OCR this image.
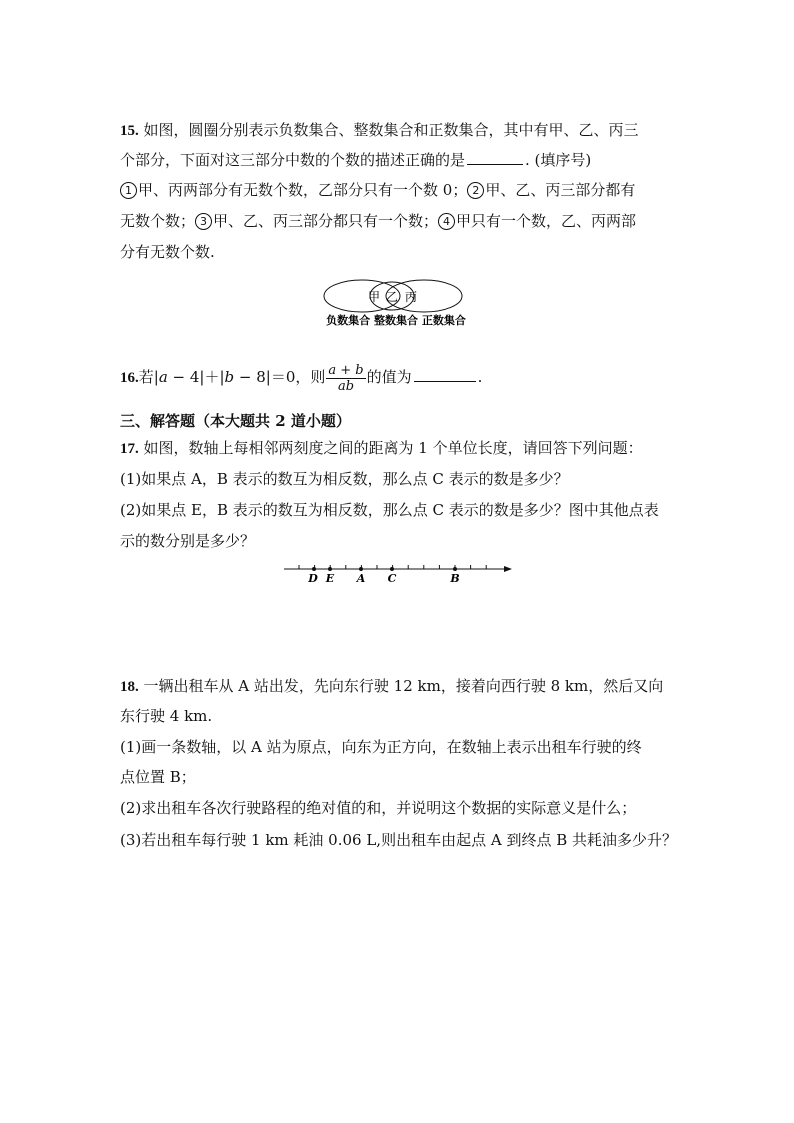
15. 如图，圆圈分别表示负数集合、整数集合和正数集合，其中有甲、乙、丙三
个部分，下面对这三部分中数的个数的描述正确的是	. (填序号)
1 甲、丙两部分有无数个数，乙部分只有一个数 0； 2 甲、乙、丙三部分都有
无数个数； 3 甲、乙、丙三部分都只有一个数； 4 甲只有一个数，乙、丙两部
分有无数个数.
甲 乙 丙
负数集合 整数集合 正数集合
16.若|a − 4|＋|b − 8|＝0，则 $\frac{a + b}{ab}$ 的值为	.
三、解答题（本大题共 2 道小题）
17. 如图，数轴上每相邻两刻度之间的距离为 1 个单位长度，请回答下列问题：
(1)如果点 A，B 表示的数互为相反数，那么点 C 表示的数是多少？
(2)如果点 E，B 表示的数互为相反数，那么点 C 表示的数是多少？图中其他点表
示的数分别是多少？
D E A C	B
18. 一辆出租车从 A 站出发，先向东行驶 12 km，接着向西行驶 8 km，然后又向
东行驶 4 km.
(1)画一条数轴，以 A 站为原点，向东为正方向，在数轴上表示出租车行驶的终
点位置 B；
(2)求出租车各次行驶路程的绝对值的和，并说明这个数据的实际意义是什么；
(3)若出租车每行驶 1 km 耗油 0.06 L,则出租车由起点 A 到终点 B 共耗油多少升？
